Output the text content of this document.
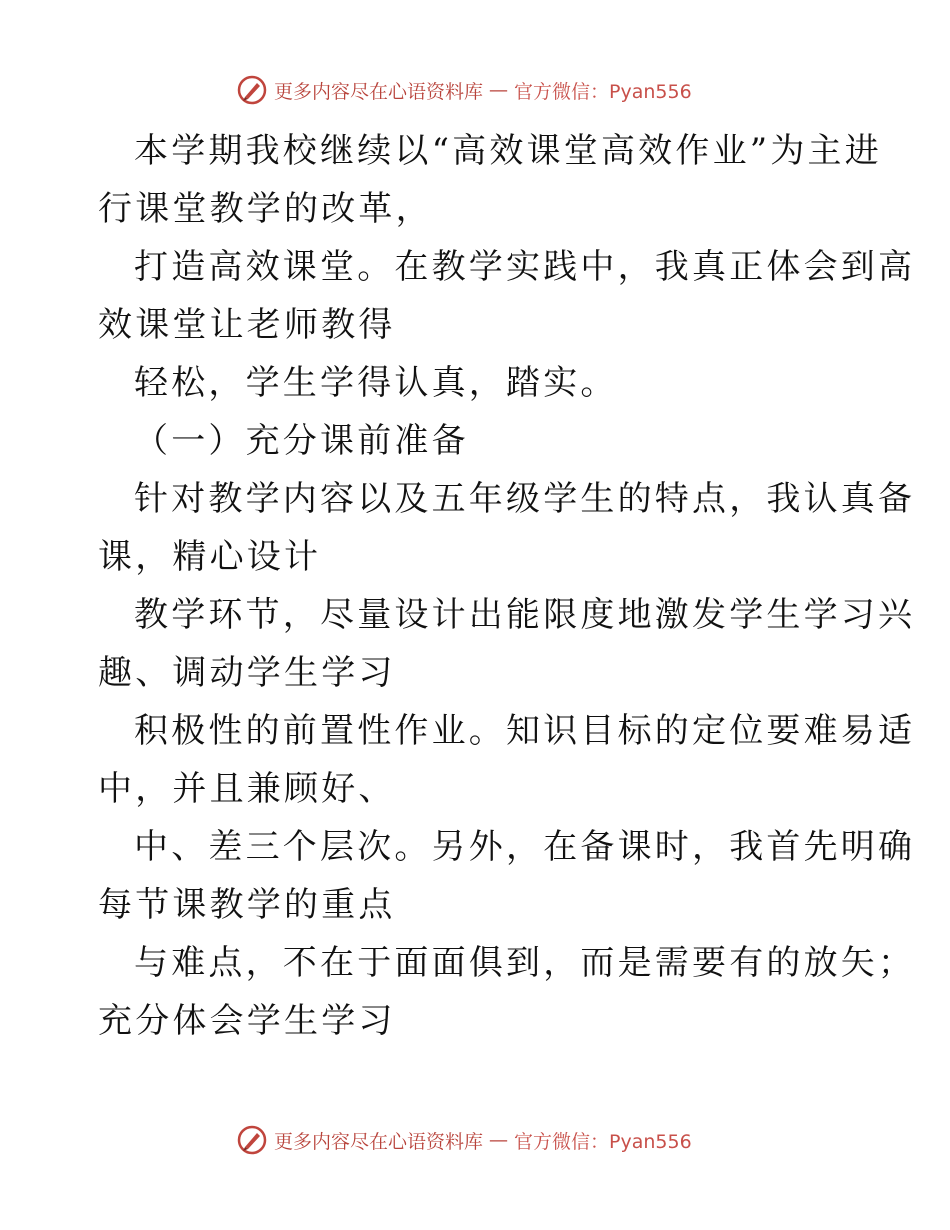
更多内容尽在心语资料库 — 官方微信：Pyan556
本学期我校继续以“高效课堂高效作业”为主进
行课堂教学的改革，
打造高效课堂。在教学实践中，我真正体会到高
效课堂让老师教得
轻松，学生学得认真，踏实。
（一）充分课前准备
针对教学内容以及五年级学生的特点，我认真备
课，精心设计
教学环节，尽量设计出能限度地激发学生学习兴
趣、调动学生学习
积极性的前置性作业。知识目标的定位要难易适
中，并且兼顾好、
中、差三个层次。另外，在备课时，我首先明确
每节课教学的重点
与难点，不在于面面俱到，而是需要有的放矢；
充分体会学生学习
更多内容尽在心语资料库 — 官方微信：Pyan556
